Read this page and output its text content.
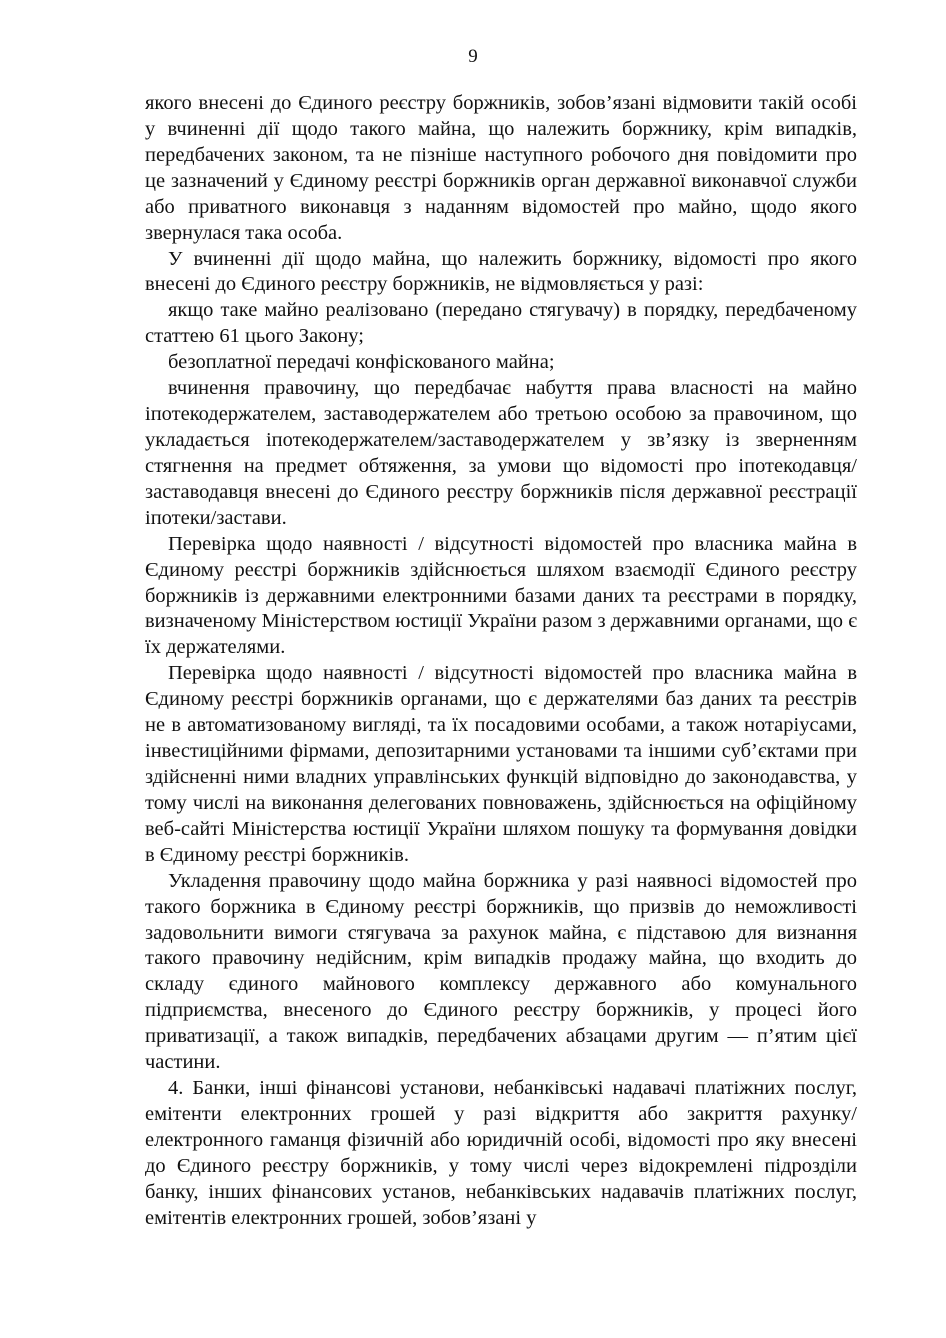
9

якого внесені до Єдиного реєстру боржників, зобов’язані відмовити такій особі у вчиненні дії щодо такого майна, що належить боржнику, крім випадків, передбачених законом, та не пізніше наступного робочого дня повідомити про це зазначений у Єдиному реєстрі боржників орган державної виконавчої служби або приватного виконавця з наданням відомостей про майно, щодо якого звернулася така особа.

У вчиненні дії щодо майна, що належить боржнику, відомості про якого внесені до Єдиного реєстру боржників, не відмовляється у разі:

якщо таке майно реалізовано (передано стягувачу) в порядку, передбаченому статтею 61 цього Закону;

безоплатної передачі конфіскованого майна;

вчинення правочину, що передбачає набуття права власності на майно іпотекодержателем, заставодержателем або третьою особою за правочином, що укладається іпотекодержателем/заставодержателем у зв’язку із зверненням стягнення на предмет обтяження, за умови що відомості про іпотекодавця/заставодавця внесені до Єдиного реєстру боржників після державної реєстрації іпотеки/застави.

Перевірка щодо наявності / відсутності відомостей про власника майна в Єдиному реєстрі боржників здійснюється шляхом взаємодії Єдиного реєстру боржників із державними електронними базами даних та реєстрами в порядку, визначеному Міністерством юстиції України разом з державними органами, що є їх держателями.

Перевірка щодо наявності / відсутності відомостей про власника майна в Єдиному реєстрі боржників органами, що є держателями баз даних та реєстрів не в автоматизованому вигляді, та їх посадовими особами, а також нотаріусами, інвестиційними фірмами, депозитарними установами та іншими суб’єктами при здійсненні ними владних управлінських функцій відповідно до законодавства, у тому числі на виконання делегованих повноважень, здійснюється на офіційному веб-сайті Міністерства юстиції України шляхом пошуку та формування довідки в Єдиному реєстрі боржників.

Укладення правочину щодо майна боржника у разі наявносі відомостей про такого боржника в Єдиному реєстрі боржників, що призвів до неможливості задовольнити вимоги стягувача за рахунок майна, є підставою для визнання такого правочину недійсним, крім випадків продажу майна, що входить до складу єдиного майнового комплексу державного або комунального підприємства, внесеного до Єдиного реєстру боржників, у процесі його приватизації, а також випадків, передбачених абзацами другим — п’ятим цієї частини.

4. Банки, інші фінансові установи, небанківські надавачі платіжних послуг, емітенти електронних грошей у разі відкриття або закриття рахунку/електронного гаманця фізичній або юридичній особі, відомості про яку внесені до Єдиного реєстру боржників, у тому числі через відокремлені підрозділи банку, інших фінансових установ, небанківських надавачів платіжних послуг, емітентів електронних грошей, зобов’язані у
